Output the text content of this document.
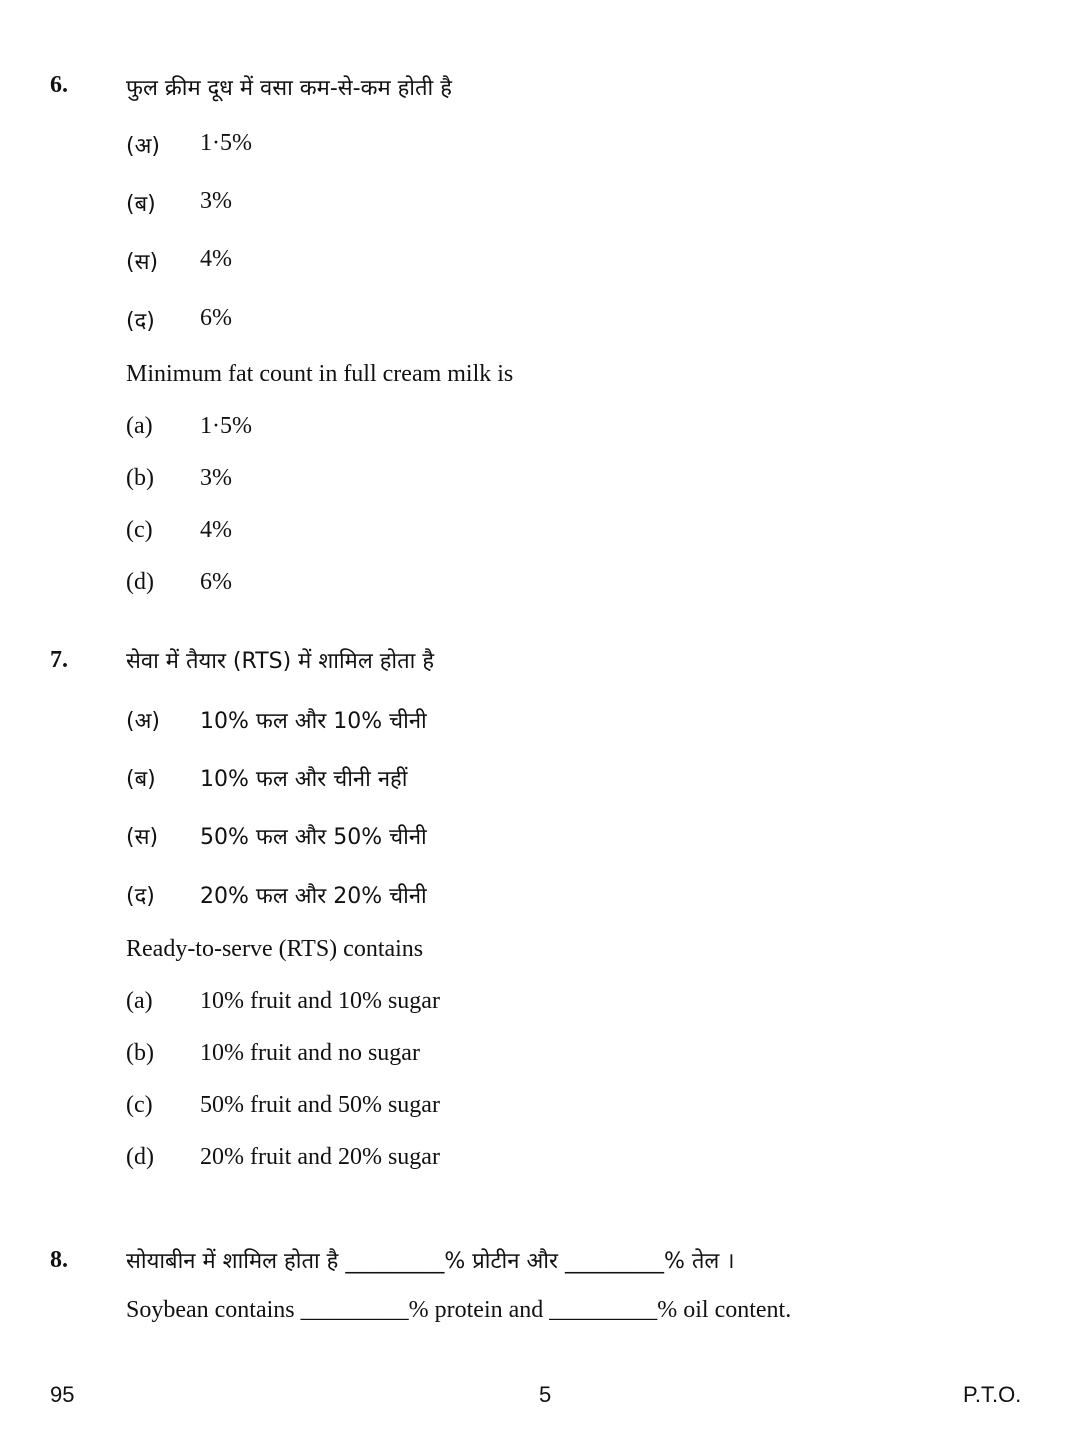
6.	फुल क्रीम दूध में वसा कम-से-कम होती है
(अ) 1·5%
(ब) 3%
(स) 4%
(द) 6%
Minimum fat count in full cream milk is
(a) 1·5%
(b) 3%
(c) 4%
(d) 6%
7.	सेवा में तैयार (RTS) में शामिल होता है
(अ) 10% फल और 10% चीनी
(ब) 10% फल और चीनी नहीं
(स) 50% फल और 50% चीनी
(द) 20% फल और 20% चीनी
Ready-to-serve (RTS) contains
(a) 10% fruit and 10% sugar
(b) 10% fruit and no sugar
(c) 50% fruit and 50% sugar
(d) 20% fruit and 20% sugar
8.	सोयाबीन में शामिल होता है _________% प्रोटीन और _________% तेल ।
Soybean contains _________% protein and _________% oil content.
95	5	P.T.O.
